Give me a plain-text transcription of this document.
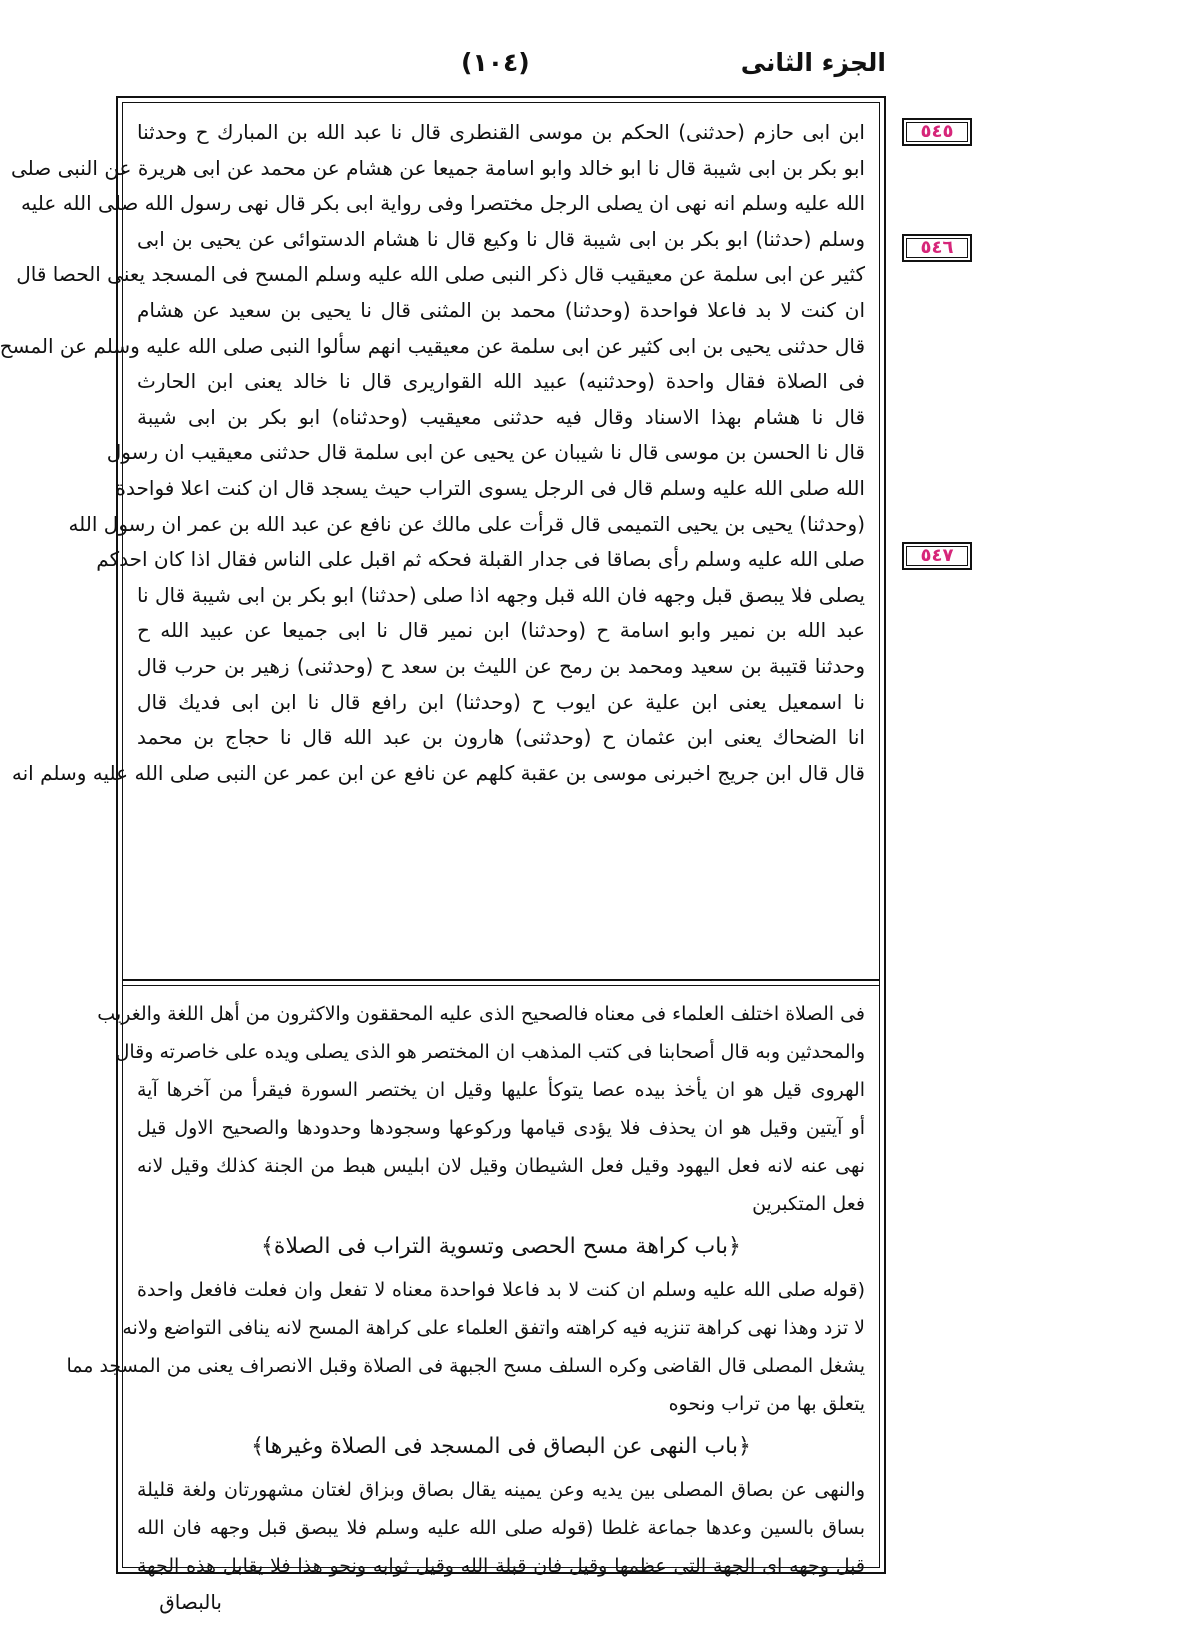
الجزء الثانى
(١٠٤)
٥٤٥
٥٤٦
٥٤٧
ابن ابى حازم (حدثنى) الحكم بن موسى القنطرى قال نا عبد الله بن المبارك ح وحدثنا
ابو بكر بن ابى شيبة قال نا ابو خالد وابو اسامة جميعا عن هشام عن محمد عن ابى هريرة عن النبى صلى
الله عليه وسلم انه نهى ان يصلى الرجل مختصرا وفى رواية ابى بكر قال نهى رسول الله صلى الله عليه
وسلم (حدثنا) ابو بكر بن ابى شيبة قال نا وكيع قال نا هشام الدستوائى عن يحيى بن ابى
كثير عن ابى سلمة عن معيقيب قال ذكر النبى صلى الله عليه وسلم المسح فى المسجد يعنى الحصا قال
ان كنت لا بد فاعلا فواحدة (وحدثنا) محمد بن المثنى قال نا يحيى بن سعيد عن هشام
قال حدثنى يحيى بن ابى كثير عن ابى سلمة عن معيقيب انهم سألوا النبى صلى الله عليه وسلم عن المسح
فى الصلاة فقال واحدة (وحدثنيه) عبيد الله القواريرى قال نا خالد يعنى ابن الحارث
قال نا هشام بهذا الاسناد وقال فيه حدثنى معيقيب (وحدثناه) ابو بكر بن ابى شيبة
قال نا الحسن بن موسى قال نا شيبان عن يحيى عن ابى سلمة قال حدثنى معيقيب ان رسول
الله صلى الله عليه وسلم قال فى الرجل يسوى التراب حيث يسجد قال ان كنت اعلا فواحدة
(وحدثنا) يحيى بن يحيى التميمى قال قرأت على مالك عن نافع عن عبد الله بن عمر ان رسول الله
صلى الله عليه وسلم رأى بصاقا فى جدار القبلة فحكه ثم اقبل على الناس فقال اذا كان احدكم
يصلى فلا يبصق قبل وجهه فان الله قبل وجهه اذا صلى (حدثنا) ابو بكر بن ابى شيبة قال نا
عبد الله بن نمير وابو اسامة ح (وحدثنا) ابن نمير قال نا ابى جميعا عن عبيد الله ح
وحدثنا قتيبة بن سعيد ومحمد بن رمح عن الليث بن سعد ح (وحدثنى) زهير بن حرب قال
نا اسمعيل يعنى ابن علية عن ايوب ح (وحدثنا) ابن رافع قال نا ابن ابى فديك قال
انا الضحاك يعنى ابن عثمان ح (وحدثنى) هارون بن عبد الله قال نا حجاج بن محمد
قال قال ابن جريج اخبرنى موسى بن عقبة كلهم عن نافع عن ابن عمر عن النبى صلى الله عليه وسلم انه
فى الصلاة اختلف العلماء فى معناه فالصحيح الذى عليه المحققون والاكثرون من أهل اللغة والغريب
والمحدثين وبه قال أصحابنا فى كتب المذهب ان المختصر هو الذى يصلى ويده على خاصرته وقال
الهروى قيل هو ان يأخذ بيده عصا يتوكأ عليها وقيل ان يختصر السورة فيقرأ من آخرها آية
أو آيتين وقيل هو ان يحذف فلا يؤدى قيامها وركوعها وسجودها وحدودها والصحيح الاول قيل
نهى عنه لانه فعل اليهود وقيل فعل الشيطان وقيل لان ابليس هبط من الجنة كذلك وقيل لانه
فعل المتكبرين
﴿باب كراهة مسح الحصى وتسوية التراب فى الصلاة﴾
(قوله صلى الله عليه وسلم ان كنت لا بد فاعلا فواحدة معناه لا تفعل وان فعلت فافعل واحدة
لا تزد وهذا نهى كراهة تنزيه فيه كراهته واتفق العلماء على كراهة المسح لانه ينافى التواضع ولانه
يشغل المصلى قال القاضى وكره السلف مسح الجبهة فى الصلاة وقبل الانصراف يعنى من المسجد مما
يتعلق بها من تراب ونحوه
﴿باب النهى عن البصاق فى المسجد فى الصلاة وغيرها﴾
والنهى عن بصاق المصلى بين يديه وعن يمينه يقال بصاق وبزاق لغتان مشهورتان ولغة قليلة
بساق بالسين وعدها جماعة غلطا (قوله صلى الله عليه وسلم فلا يبصق قبل وجهه فان الله
قبل وجهه اى الجهة التى عظمها وقيل فان قبلة الله وقيل ثوابه ونحو هذا فلا يقابل هذه الجهة
بالبصاق
